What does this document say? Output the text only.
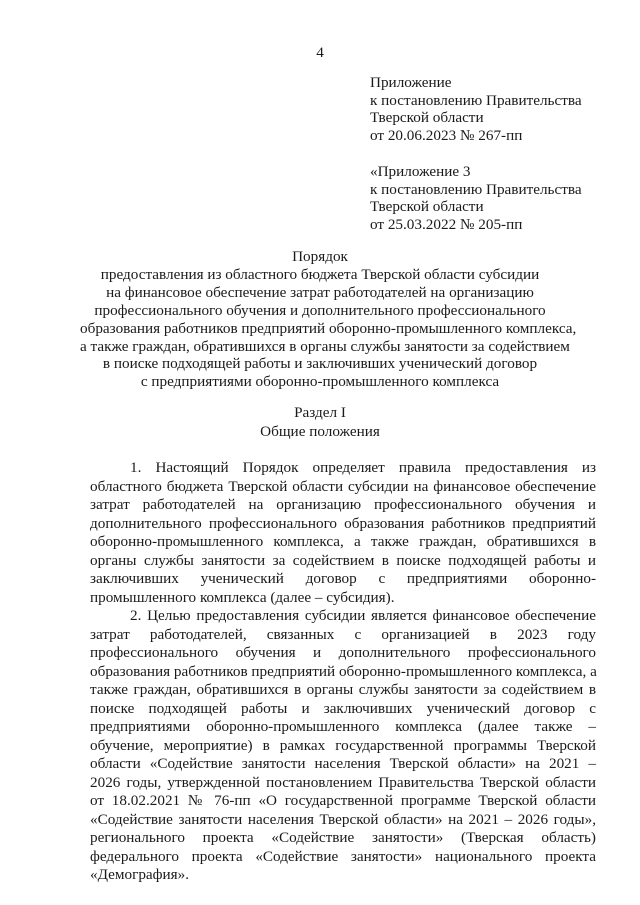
4
Приложение
к постановлению Правительства
Тверской области
от 20.06.2023 № 267-пп
«Приложение 3
к постановлению Правительства
Тверской области
от 25.03.2022 № 205-пп
Порядок
предоставления из областного бюджета Тверской области субсидии
на финансовое обеспечение затрат работодателей на организацию
профессионального обучения и дополнительного профессионального
образования работников предприятий оборонно-промышленного комплекса,
а также граждан, обратившихся в органы службы занятости за содействием
в поиске подходящей работы и заключивших ученический договор
с предприятиями оборонно-промышленного комплекса
Раздел I
Общие положения

1. Настоящий Порядок определяет правила предоставления из
областного бюджета Тверской области субсидии на финансовое обеспечение
затрат работодателей на организацию профессионального обучения и
дополнительного профессионального образования работников предприятий
оборонно-промышленного комплекса, а также граждан, обратившихся в
органы службы занятости за содействием в поиске подходящей работы и
заключивших ученический договор с предприятиями оборонно-
промышленного комплекса (далее – субсидия).

2. Целью предоставления субсидии является финансовое обеспечение
затрат работодателей, связанных с организацией в 2023 году
профессионального обучения и дополнительного профессионального
образования работников предприятий оборонно-промышленного комплекса, а
также граждан, обратившихся в органы службы занятости за содействием в
поиске подходящей работы и заключивших ученический договор с
предприятиями оборонно-промышленного комплекса (далее также –
обучение, мероприятие) в рамках государственной программы Тверской
области «Содействие занятости населения Тверской области» на 2021 –
2026 годы, утвержденной постановлением Правительства Тверской области
от 18.02.2021 № 76-пп «О государственной программе Тверской области
«Содействие занятости населения Тверской области» на 2021 – 2026 годы»,
регионального проекта «Содействие занятости» (Тверская область)
федерального проекта «Содействие занятости» национального проекта
«Демография».
